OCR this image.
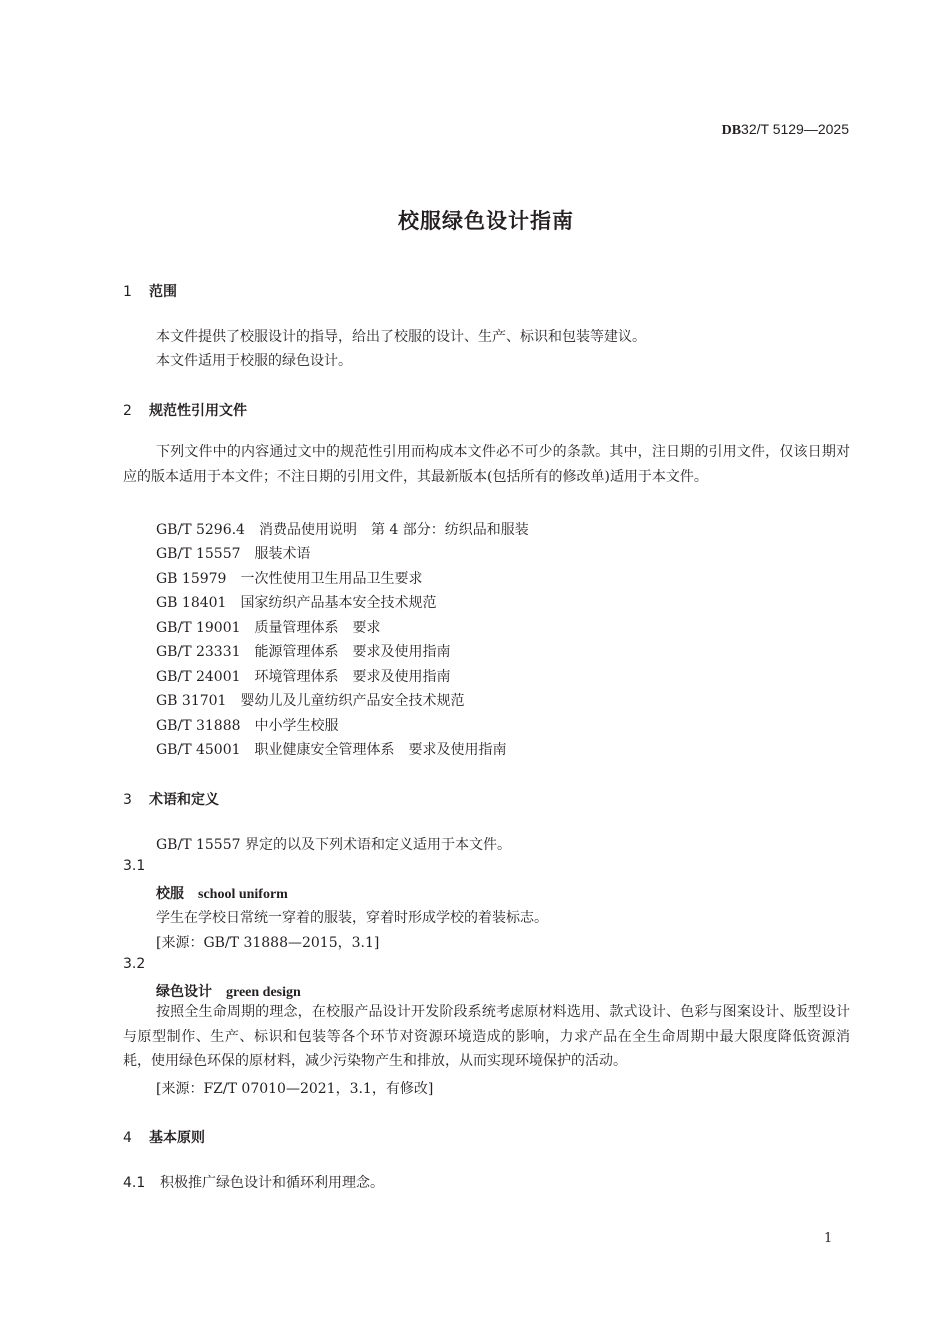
DB32/T 5129—2025
校服绿色设计指南
1 范围
本文件提供了校服设计的指导，给出了校服的设计、生产、标识和包装等建议。
本文件适用于校服的绿色设计。
2 规范性引用文件
下列文件中的内容通过文中的规范性引用而构成本文件必不可少的条款。其中，注日期的引用文件，仅该日期对应的版本适用于本文件；不注日期的引用文件，其最新版本(包括所有的修改单)适用于本文件。
GB/T 5296.4　 消费品使用说明　第 4 部分：纺织品和服装
GB/T 15557　 服装术语
GB 15979　 一次性使用卫生用品卫生要求
GB 18401　 国家纺织产品基本安全技术规范
GB/T 19001　 质量管理体系　要求
GB/T 23331　 能源管理体系　要求及使用指南
GB/T 24001　 环境管理体系　要求及使用指南
GB 31701　 婴幼儿及儿童纺织产品安全技术规范
GB/T 31888　 中小学生校服
GB/T 45001　 职业健康安全管理体系　要求及使用指南
3 术语和定义
GB/T 15557 界定的以及下列术语和定义适用于本文件。
3.1
校服 school uniform
学生在学校日常统一穿着的服装，穿着时形成学校的着装标志。
[来源：GB/T 31888—2015，3.1]
3.2
绿色设计 green design
按照全生命周期的理念，在校服产品设计开发阶段系统考虑原材料选用、款式设计、色彩与图案设计、版型设计与原型制作、生产、标识和包装等各个环节对资源环境造成的影响，力求产品在全生命周期中最大限度降低资源消耗，使用绿色环保的原材料，减少污染物产生和排放，从而实现环境保护的活动。
[来源：FZ/T 07010—2021，3.1，有修改]
4 基本原则
4.1 积极推广绿色设计和循环利用理念。
1
